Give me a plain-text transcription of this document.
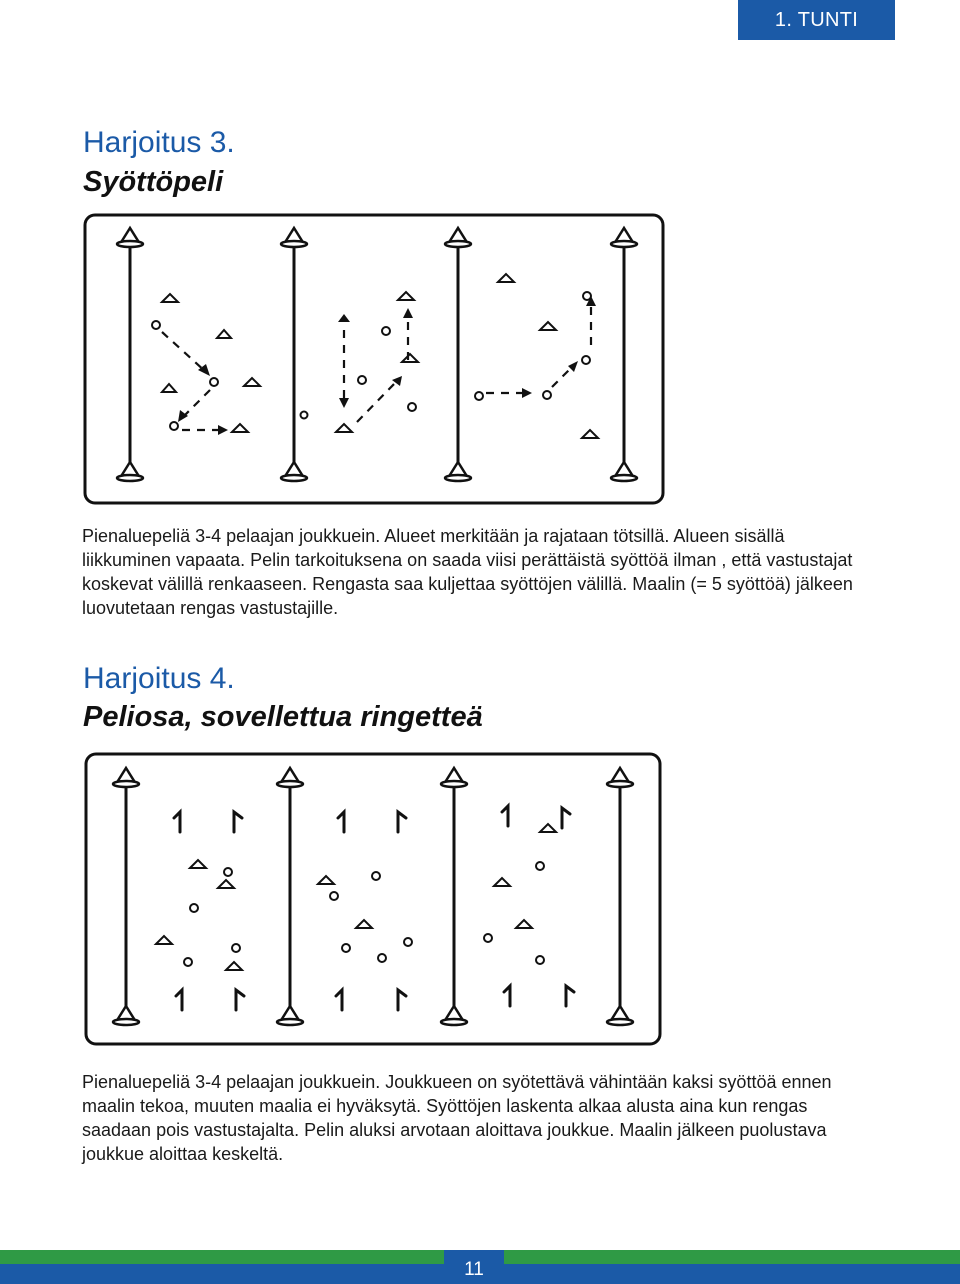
1. TUNTI
Harjoitus 3.
Syöttöpeli

Pienaluepeliä 3-4 pelaajan joukkuein. Alueet merkitään ja rajataan tötsillä. Alueen sisällä liikkuminen vapaata. Pelin tarkoituksena on saada viisi perättäistä syöttöä ilman , että vastustajat koskevat välillä renkaaseen. Rengasta saa kuljettaa syöttöjen välillä. Maalin (= 5 syöttöä) jälkeen luovutetaan rengas vastustajille.

Harjoitus 4.
Peliosa, sovellettua ringetteä

Pienaluepeliä 3-4 pelaajan joukkuein. Joukkueen on syötettävä vähintään kaksi syöttöä ennen maalin tekoa, muuten maalia ei hyväksytä. Syöttöjen laskenta alkaa alusta aina kun rengas saadaan pois vastustajalta. Pelin aluksi arvotaan aloittava joukkue. Maalin jälkeen puolustava joukkue aloittaa keskeltä.

11
